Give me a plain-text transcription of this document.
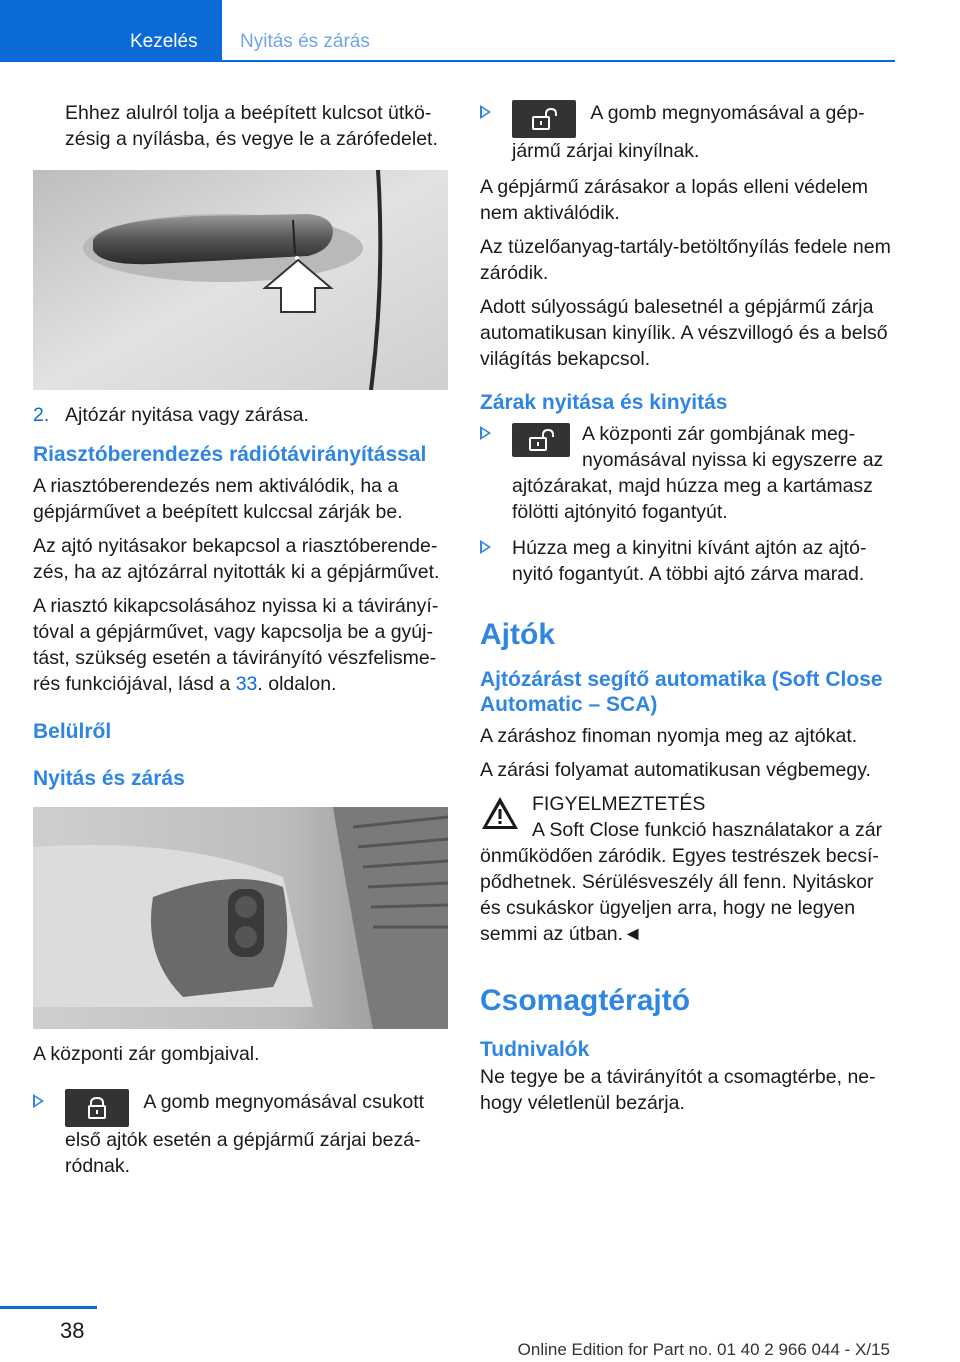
Kezelés Nyitás és zárás

Ehhez alulról tolja a beépített kulcsot ütközésig a nyílásba, és vegye le a zárófedelet.

2. Ajtózár nyitása vagy zárása.
Riasztóberendezés rádiótávirányítással

A riasztóberendezés nem aktiválódik, ha a gépjárművet a beépített kulccsal zárják be.

Az ajtó nyitásakor bekapcsol a riasztóberendezés, ha az ajtózárral nyitották ki a gépjárművet.

A riasztó kikapcsolásához nyissa ki a távirányítóval a gépjárművet, vagy kapcsolja be a gyújtást, szükség esetén a távirányító vészfelismerés funkciójával, lásd a 33. oldalon.

Belülről
Nyitás és zárás

A központi zár gombjaival.

A gomb megnyomásával csukott első ajtók esetén a gépjármű zárjai bezáródnak.
A gomb megnyomásával a gépjármű zárjai kinyílnak.

A gépjármű zárásakor a lopás elleni védelem nem aktiválódik.

Az tüzelőanyag-tartály-betöltőnyílás fedele nem záródik.

Adott súlyosságú balesetnél a gépjármű zárja automatikusan kinyílik. A vészvillogó és a belső világítás bekapcsol.

Zárak nyitása és kinyitás
A központi zár gombjának megnyomásával nyissa ki egyszerre az ajtózárakat, majd húzza meg a kartámasz fölötti ajtónyitó fogantyút.
Húzza meg a kinyitni kívánt ajtón az ajtónyitó fogantyút. A többi ajtó zárva marad.
Ajtók
Ajtózárást segítő automatika (Soft Close Automatic – SCA)

A záráshoz finoman nyomja meg az ajtókat.

A zárási folyamat automatikusan végbemegy.

FIGYELMEZTETÉS
A Soft Close funkció használatakor a zár
önműködően záródik. Egyes testrészek becsípődhetnek. Sérülésveszély áll fenn. Nyitáskor és csukáskor ügyeljen arra, hogy ne legyen semmi az útban.◄
Csomagtérajtó
Tudnivalók

Ne tegye be a távirányítót a csomagtérbe, nehogy véletlenül bezárja.

38
Online Edition for Part no. 01 40 2 966 044 - X/15
